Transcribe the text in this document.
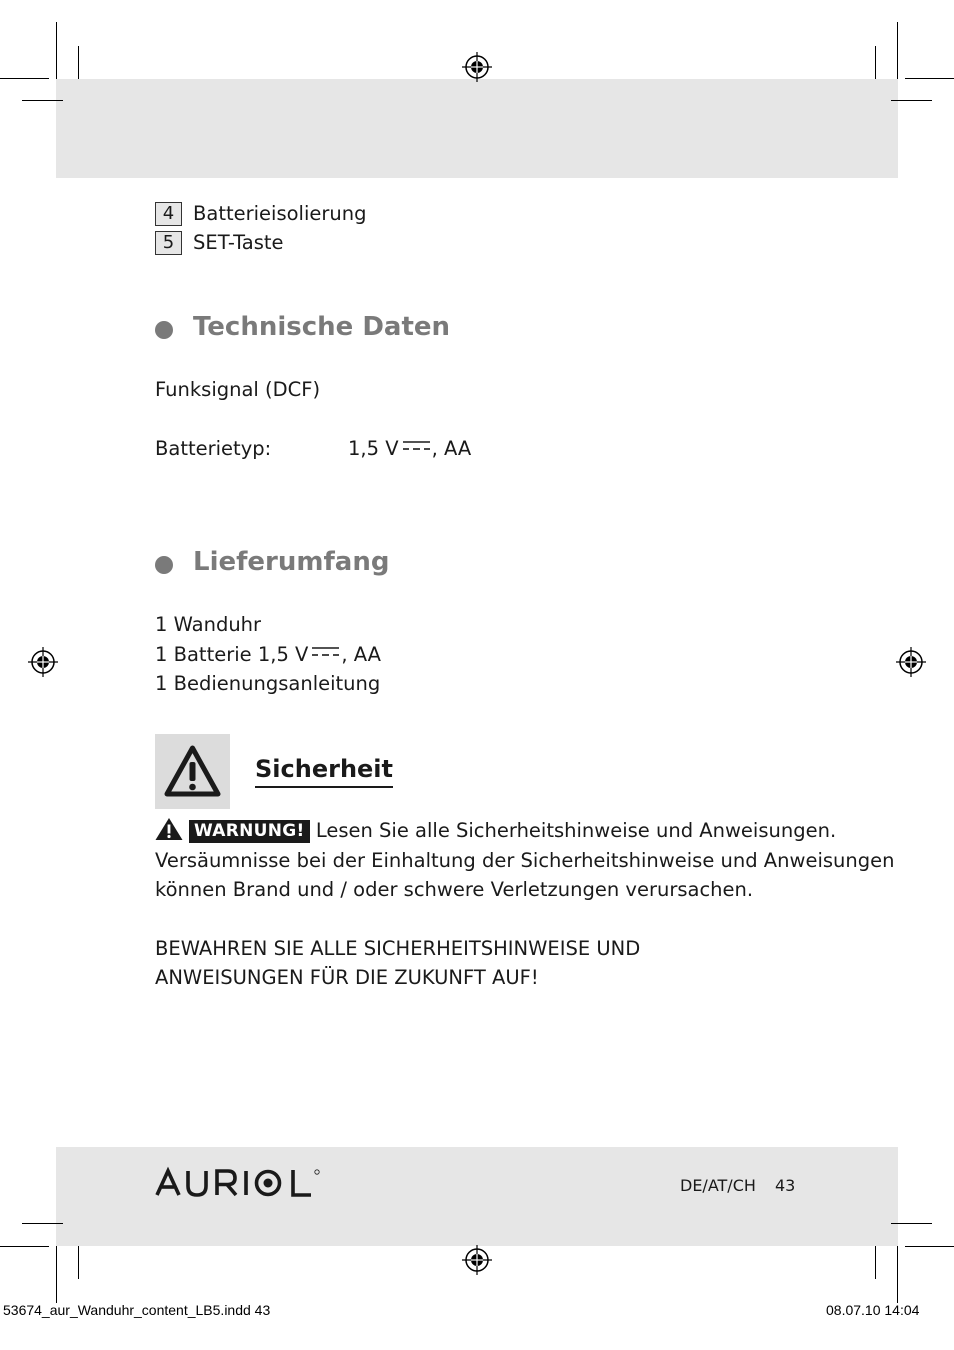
4 Batterieisolierung
5 SET-Taste
Technische Daten
Funksignal (DCF)
Batterietyp:	1,5 V , AA
Lieferumfang
1 Wanduhr
1 Batterie 1,5 V , AA
1 Bedienungsanleitung
Sicherheit
WARNUNG! Lesen Sie alle Sicherheitshinweise und Anweisungen.
Versäumnisse bei der Einhaltung der Sicherheitshinweise und Anweisungen
können Brand und / oder schwere Verletzungen verursachen.
BEWAHREN SIE ALLE SICHERHEITSHINWEISE UND
ANWEISUNGEN FÜR DIE ZUKUNFT AUF!
DE/AT/CH 43
53674_aur_Wanduhr_content_LB5.indd 43	08.07.10 14:04
